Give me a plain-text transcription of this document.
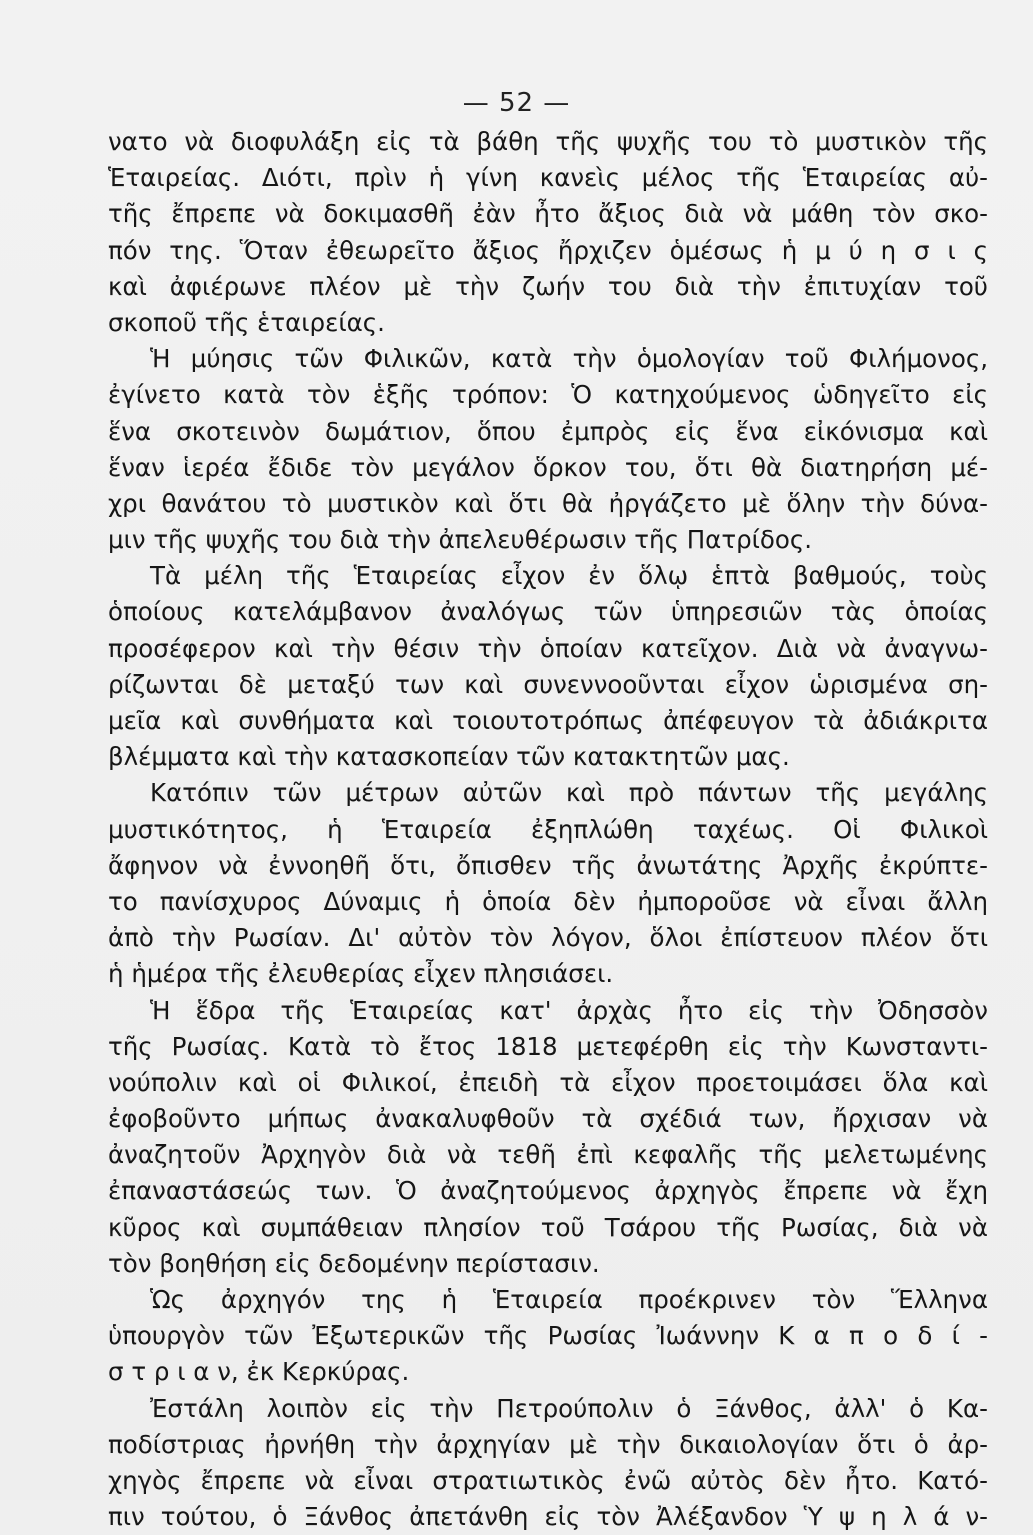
— 52 —
νατο νὰ διοφυλάξη εἰς τὰ βάθη τῆς ψυχῆς του τὸ μυστικὸν τῆς
Ἑταιρείας. Διότι, πρὶν ἡ γίνη κανεὶς μέλος τῆς Ἑταιρείας αὐ-
τῆς ἔπρεπε νὰ δοκιμασθῆ ἐὰν ἦτο ἄξιος διὰ νὰ μάθη τὸν σκο-
πόν της. Ὅταν ἐθεωρεῖτο ἄξιος ἤρχιζεν ὁμέσως ἡ μ ύ η σ ι ς
καὶ ἀφιέρωνε πλέον μὲ τὴν ζωήν του διὰ τὴν ἐπιτυχίαν τοῦ
σκοποῦ τῆς ἑταιρείας.
Ἡ μύησις τῶν Φιλικῶν, κατὰ τὴν ὁμολογίαν τοῦ Φιλήμονος,
ἐγίνετο κατὰ τὸν ἑξῆς τρόπον: Ὁ κατηχούμενος ὡδηγεῖτο εἰς
ἕνα σκοτεινὸν δωμάτιον, ὅπου ἐμπρὸς εἰς ἕνα εἰκόνισμα καὶ
ἕναν ἱερέα ἔδιδε τὸν μεγάλον ὅρκον του, ὅτι θὰ διατηρήση μέ-
χρι θανάτου τὸ μυστικὸν καὶ ὅτι θὰ ἠργάζετο μὲ ὅλην τὴν δύνα-
μιν τῆς ψυχῆς του διὰ τὴν ἀπελευθέρωσιν τῆς Πατρίδος.
Τὰ μέλη τῆς Ἑταιρείας εἶχον ἐν ὅλῳ ἑπτὰ βαθμούς, τοὺς
ὁποίους κατελάμβανον ἀναλόγως τῶν ὑπηρεσιῶν τὰς ὁποίας
προσέφερον καὶ τὴν θέσιν τὴν ὁποίαν κατεῖχον. Διὰ νὰ ἀναγνω-
ρίζωνται δὲ μεταξύ των καὶ συνεννοοῦνται εἶχον ὡρισμένα ση-
μεῖα καὶ συνθήματα καὶ τοιουτοτρόπως ἀπέφευγον τὰ ἀδιάκριτα
βλέμματα καὶ τὴν κατασκοπείαν τῶν κατακτητῶν μας.
Κατόπιν τῶν μέτρων αὐτῶν καὶ πρὸ πάντων τῆς μεγάλης
μυστικότητος, ἡ Ἑταιρεία ἐξηπλώθη ταχέως. Οἱ Φιλικοὶ
ἄφηνον νὰ ἐννοηθῆ ὅτι, ὄπισθεν τῆς ἀνωτάτης Ἀρχῆς ἐκρύπτε-
το πανίσχυρος Δύναμις ἡ ὁποία δὲν ἠμποροῦσε νὰ εἶναι ἄλλη
ἀπὸ τὴν Ρωσίαν. Δι' αὐτὸν τὸν λόγον, ὅλοι ἐπίστευον πλέον ὅτι
ἡ ἡμέρα τῆς ἐλευθερίας εἶχεν πλησιάσει.
Ἡ ἕδρα τῆς Ἑταιρείας κατ' ἀρχὰς ἦτο εἰς τὴν Ὀδησσὸν
τῆς Ρωσίας. Κατὰ τὸ ἔτος 1818 μετεφέρθη εἰς τὴν Κωνσταντι-
νούπολιν καὶ οἱ Φιλικοί, ἐπειδὴ τὰ εἶχον προετοιμάσει ὅλα καὶ
ἐφοβοῦντο μήπως ἀνακαλυφθοῦν τὰ σχέδιά των, ἤρχισαν νὰ
ἀναζητοῦν Ἀρχηγὸν διὰ νὰ τεθῆ ἐπὶ κεφαλῆς τῆς μελετωμένης
ἐπαναστάσεώς των. Ὁ ἀναζητούμενος ἀρχηγὸς ἔπρεπε νὰ ἔχη
κῦρος καὶ συμπάθειαν πλησίον τοῦ Τσάρου τῆς Ρωσίας, διὰ νὰ
τὸν βοηθήση εἰς δεδομένην περίστασιν.
Ὡς ἀρχηγόν της ἡ Ἑταιρεία προέκρινεν τὸν Ἕλληνα
ὑπουργὸν τῶν Ἐξωτερικῶν τῆς Ρωσίας Ἰωάννην Κ α π ο δ ί -
σ τ ρ ι α ν, ἐκ Κερκύρας.
Ἐστάλη λοιπὸν εἰς τὴν Πετρούπολιν ὁ Ξάνθος, ἀλλ' ὁ Κα-
ποδίστριας ἠρνήθη τὴν ἀρχηγίαν μὲ τὴν δικαιολογίαν ὅτι ὁ ἀρ-
χηγὸς ἔπρεπε νὰ εἶναι στρατιωτικὸς ἐνῶ αὐτὸς δὲν ἦτο. Κατό-
πιν τούτου, ὁ Ξάνθος ἀπετάνθη εἰς τὸν Ἀλέξανδον Ὑ ψ η λ ά ν-
